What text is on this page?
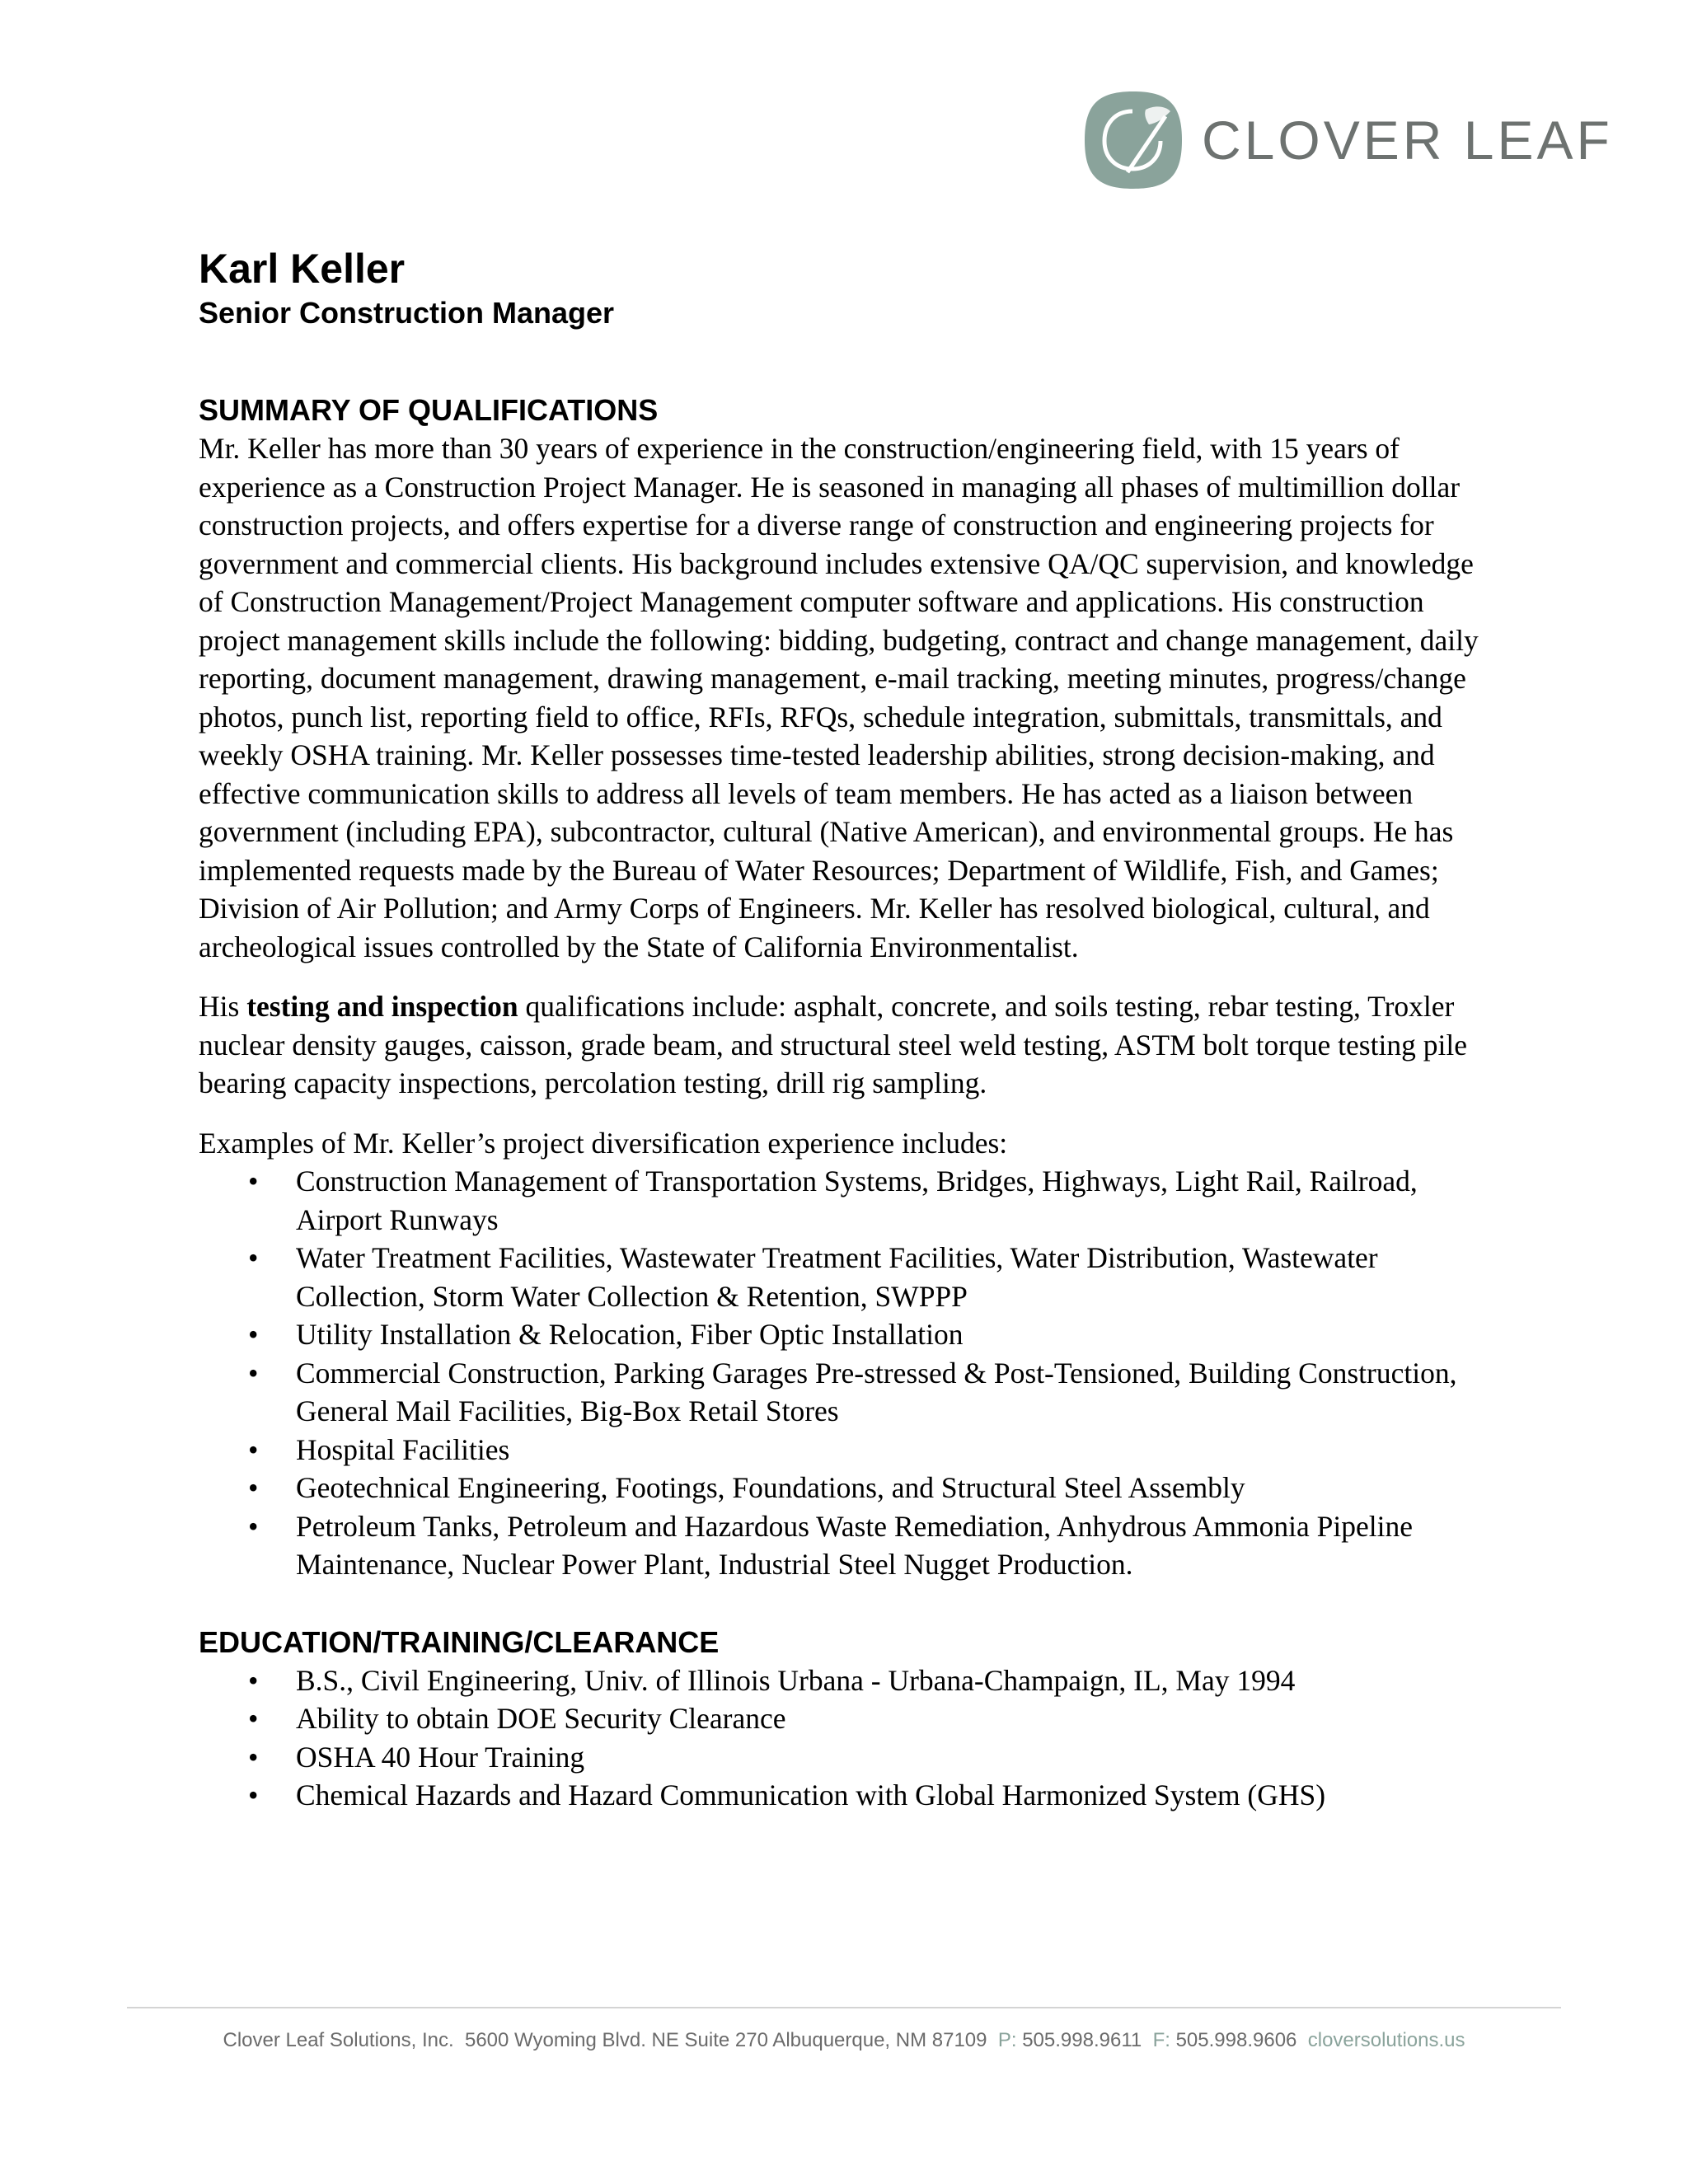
CLOVER LEAF
Karl Keller
Senior Construction Manager
SUMMARY OF QUALIFICATIONS

Mr. Keller has more than 30 years of experience in the construction/engineering field, with 15 years of experience as a Construction Project Manager. He is seasoned in managing all phases of multimillion dollar construction projects, and offers expertise for a diverse range of construction and engineering projects for government and commercial clients. His background includes extensive QA/QC supervision, and knowledge of Construction Management/Project Management computer software and applications. His construction project management skills include the following: bidding, budgeting, contract and change management, daily reporting, document management, drawing management, e-mail tracking, meeting minutes, progress/change photos, punch list, reporting field to office, RFIs, RFQs, schedule integration, submittals, transmittals, and weekly OSHA training. Mr. Keller possesses time-tested leadership abilities, strong decision-making, and effective communication skills to address all levels of team members. He has acted as a liaison between government (including EPA), subcontractor, cultural (Native American), and environmental groups. He has implemented requests made by the Bureau of Water Resources; Department of Wildlife, Fish, and Games; Division of Air Pollution; and Army Corps of Engineers. Mr. Keller has resolved biological, cultural, and archeological issues controlled by the State of California Environmentalist.

His testing and inspection qualifications include: asphalt, concrete, and soils testing, rebar testing, Troxler nuclear density gauges, caisson, grade beam, and structural steel weld testing, ASTM bolt torque testing pile bearing capacity inspections, percolation testing, drill rig sampling.

Examples of Mr. Keller’s project diversification experience includes:

• Construction Management of Transportation Systems, Bridges, Highways, Light Rail, Railroad, Airport Runways
• Water Treatment Facilities, Wastewater Treatment Facilities, Water Distribution, Wastewater Collection, Storm Water Collection & Retention, SWPPP
• Utility Installation & Relocation, Fiber Optic Installation
• Commercial Construction, Parking Garages Pre-stressed & Post-Tensioned, Building Construction, General Mail Facilities, Big-Box Retail Stores
• Hospital Facilities
• Geotechnical Engineering, Footings, Foundations, and Structural Steel Assembly
• Petroleum Tanks, Petroleum and Hazardous Waste Remediation, Anhydrous Ammonia Pipeline Maintenance, Nuclear Power Plant, Industrial Steel Nugget Production.
EDUCATION/TRAINING/CLEARANCE
• B.S., Civil Engineering, Univ. of Illinois Urbana - Urbana-Champaign, IL, May 1994
• Ability to obtain DOE Security Clearance
• OSHA 40 Hour Training
• Chemical Hazards and Hazard Communication with Global Harmonized System (GHS)
Clover Leaf Solutions, Inc. 5600 Wyoming Blvd. NE Suite 270 Albuquerque, NM 87109 P: 505.998.9611 F: 505.998.9606 cloversolutions.us
